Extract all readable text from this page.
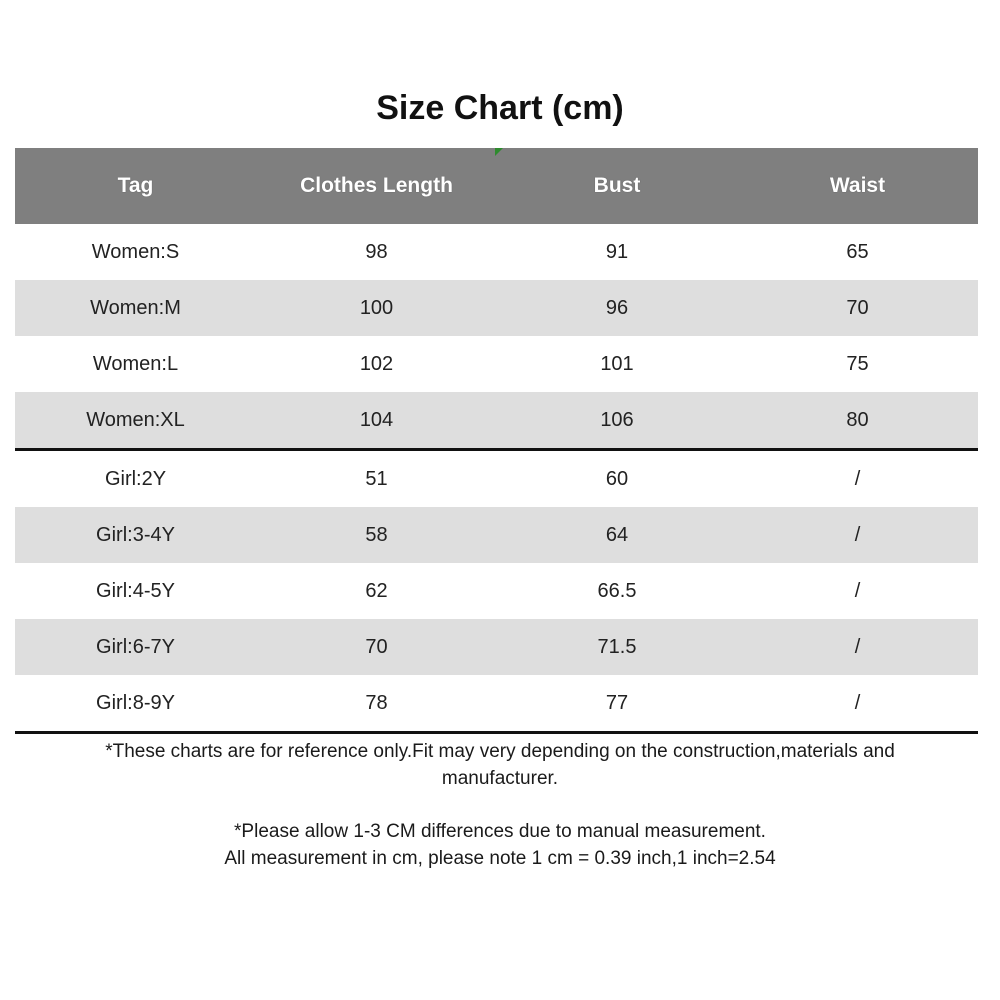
Size Chart (cm)
Tag	Clothes Length	Bust	Waist
Women:S	98	91	65
Women:M	100	96	70
Women:L	102	101	75
Women:XL	104	106	80
Girl:2Y	51	60	/
Girl:3-4Y	58	64	/
Girl:4-5Y	62	66.5	/
Girl:6-7Y	70	71.5	/
Girl:8-9Y	78	77	/
*These charts are for reference only.Fit may very depending on the construction,materials and
manufacturer.
*Please allow 1-3 CM differences due to manual measurement.
All measurement in cm, please note 1 cm = 0.39 inch,1 inch=2.54
